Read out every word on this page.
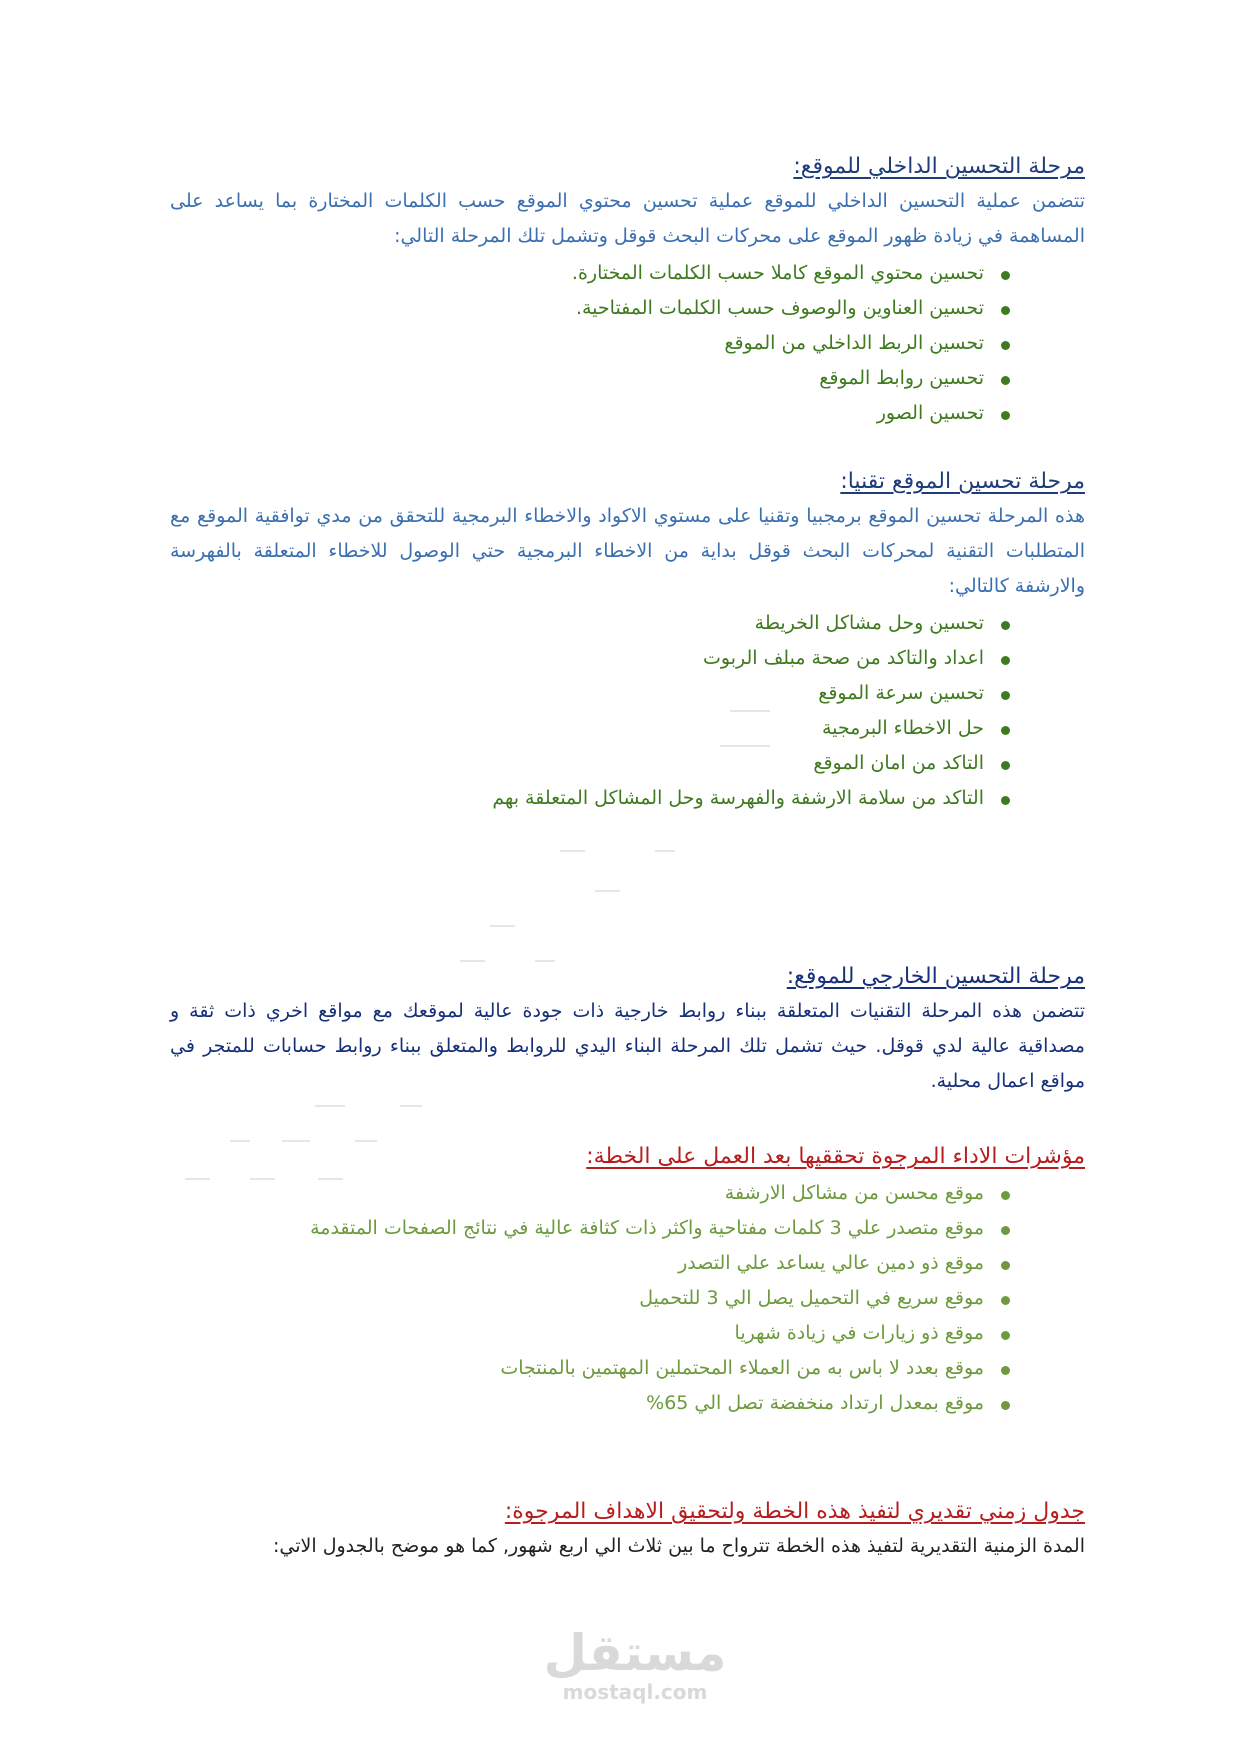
مرحلة التحسين الداخلي للموقع:

تتضمن عملية التحسين الداخلي للموقع عملية تحسين محتوي الموقع حسب الكلمات المختارة بما يساعد على المساهمة في زيادة ظهور الموقع على محركات البحث قوقل وتشمل تلك المرحلة التالي:

تحسين محتوي الموقع كاملا حسب الكلمات المختارة.
تحسين العناوين والوصوف حسب الكلمات المفتاحية.
تحسين الربط الداخلي من الموقع
تحسين روابط الموقع
تحسين الصور
مرحلة تحسين الموقع تقنيا:

هذه المرحلة تحسين الموقع برمجبيا وتقنيا على مستوي الاكواد والاخطاء البرمجية للتحقق من مدي توافقية الموقع مع المتطلبات التقنية لمحركات البحث قوقل بداية من الاخطاء البرمجية حتي الوصول للاخطاء المتعلقة بالفهرسة والارشفة كالتالي:

تحسين وحل مشاكل الخريطة
اعداد والتاكد من صحة مبلف الربوت
تحسين سرعة الموقع
حل الاخطاء البرمجية
التاكد من امان الموقع
التاكد من سلامة الارشفة والفهرسة وحل المشاكل المتعلقة بهم
مرحلة التحسين الخارجي للموقع:

تتضمن هذه المرحلة التقنيات المتعلقة ببناء روابط خارجية ذات جودة عالية لموقعك مع مواقع اخري ذات ثقة و مصداقية عالية لدي قوقل. حيث تشمل تلك المرحلة البناء اليدي للروابط والمتعلق ببناء روابط حسابات للمتجر في مواقع اعمال محلية.

مؤشرات الاداء المرجوة تحققيها بعد العمل على الخطة:
موقع محسن من مشاكل الارشفة
موقع متصدر علي 3 كلمات مفتاحية واكثر ذات كثافة عالية في نتائج الصفحات المتقدمة
موقع ذو دمين عالي يساعد علي التصدر
موقع سريع في التحميل يصل الي 3 للتحميل
موقع ذو زيارات في زيادة شهريا
موقع بعدد لا باس به من العملاء المحتملين المهتمين بالمنتجات
موقع بمعدل ارتداد منخفضة تصل الي 65%
جدول زمني تقديري لتفيذ هذه الخطة ولتحقيق الاهداف المرجوة:

المدة الزمنية التقديرية لتفيذ هذه الخطة تترواح ما بين ثلاث الي اربع شهور, كما هو موضح بالجدول الاتي:

مستقل
mostaql.com
